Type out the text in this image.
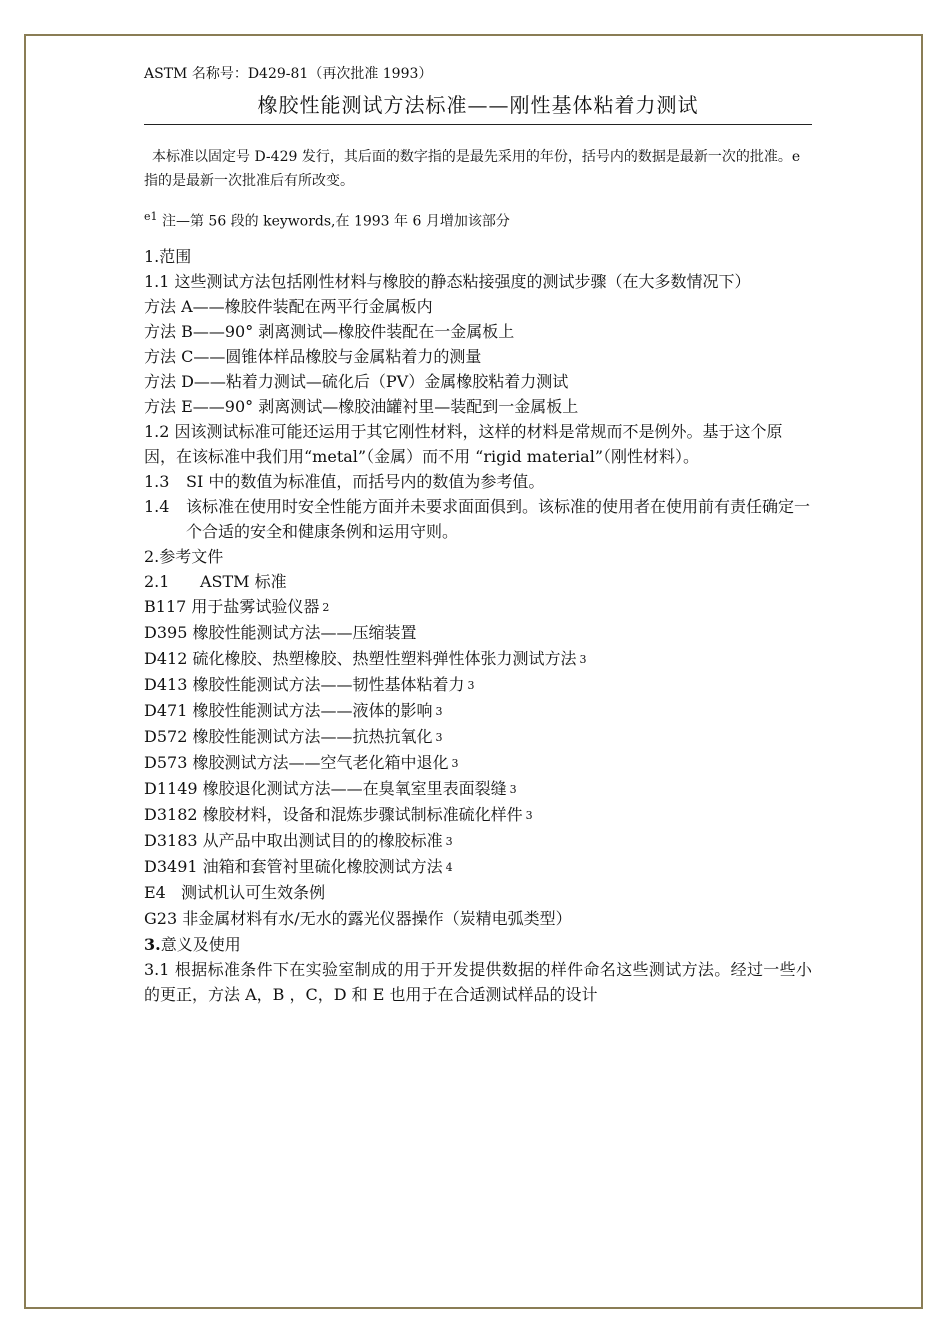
ASTM 名称号：D429-81（再次批准 1993）

橡胶性能测试方法标准——刚性基体粘着力测试

本标准以固定号 D-429 发行，其后面的数字指的是最先采用的年份，括号内的数据是最新一次的批准。e 指的是最新一次批准后有所改变。

$^{e1}$ 注—第 56 段的 keywords,在 1993 年 6 月增加该部分

1.范围

1.1 这些测试方法包括刚性材料与橡胶的静态粘接强度的测试步骤（在大多数情况下）

方法 A——橡胶件装配在两平行金属板内

方法 B——90° 剥离测试—橡胶件装配在一金属板上

方法 C——圆锥体样品橡胶与金属粘着力的测量

方法 D——粘着力测试—硫化后（PV）金属橡胶粘着力测试

方法 E——90° 剥离测试—橡胶油罐衬里—装配到一金属板上

1.2 因该测试标准可能还运用于其它刚性材料，这样的材料是常规而不是例外。基于这个原因，在该标准中我们用“metal”（金属）而不用 “rigid material”（刚性材料）。

1.3	SI 中的数值为标准值，而括号内的数值为参考值。
1.4	该标准在使用时安全性能方面并未要求面面俱到。该标准的使用者在使用前有责任确定一个合适的安全和健康条例和运用守则。

2.参考文件

2.1      ASTM 标准

B117 用于盐雾试验仪器 $^2$

D395 橡胶性能测试方法——压缩装置

D412 硫化橡胶、热塑橡胶、热塑性塑料弹性体张力测试方法 $^3$

D413 橡胶性能测试方法——韧性基体粘着力 $^3$

D471 橡胶性能测试方法——液体的影响 $^3$

D572 橡胶性能测试方法——抗热抗氧化 $^3$

D573 橡胶测试方法——空气老化箱中退化 $^3$

D1149 橡胶退化测试方法——在臭氧室里表面裂缝 $^3$

D3182 橡胶材料，设备和混炼步骤试制标准硫化样件 $^3$

D3183 从产品中取出测试目的的橡胶标准 $^3$

D3491 油箱和套管衬里硫化橡胶测试方法 $^4$

E4   测试机认可生效条例

G23 非金属材料有水/无水的露光仪器操作（炭精电弧类型）

3.意义及使用

3.1 根据标准条件下在实验室制成的用于开发提供数据的样件命名这些测试方法。经过一些小的更正，方法 A，B ，C，D 和 E 也用于在合适测试样品的设计
